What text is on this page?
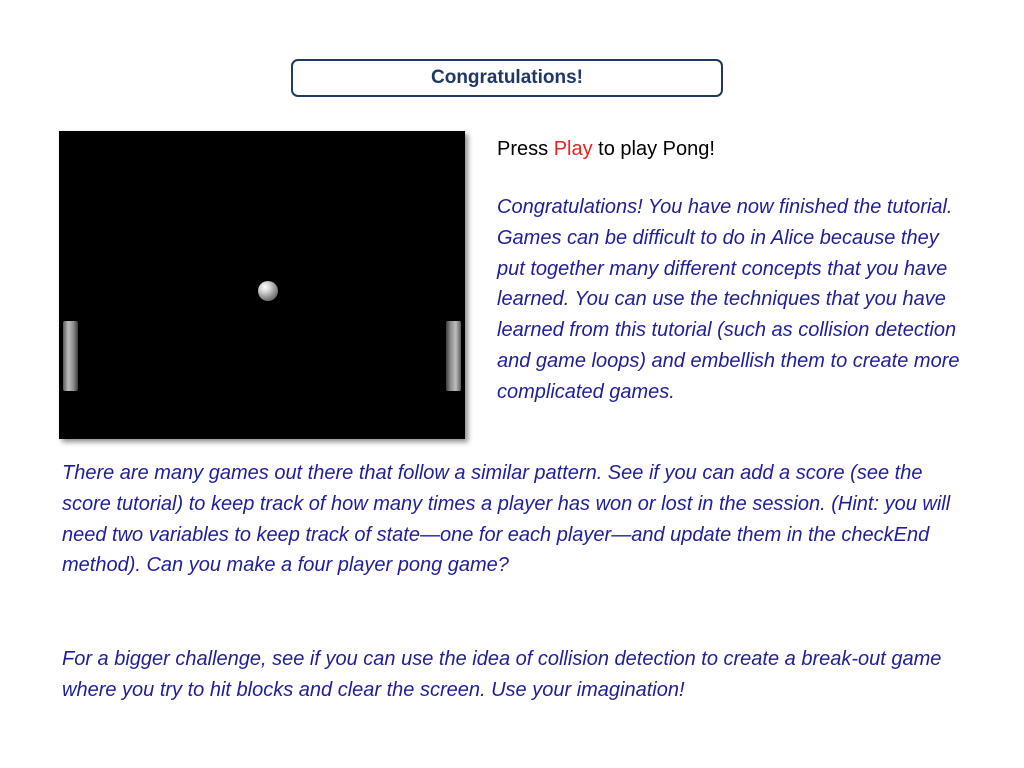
Congratulations!

Press Play to play Pong!

Congratulations! You have now finished the tutorial. Games can be difficult to do in Alice because they put together many different concepts that you have learned. You can use the techniques that you have learned from this tutorial (such as collision detection and game loops) and embellish them to create more complicated games.

There are many games out there that follow a similar pattern. See if you can add a score (see the score tutorial) to keep track of how many times a player has won or lost in the session. (Hint: you will need two variables to keep track of state—one for each player—and update them in the checkEnd method). Can you make a four player pong game?

For a bigger challenge, see if you can use the idea of collision detection to create a break-out game where you try to hit blocks and clear the screen. Use your imagination!
